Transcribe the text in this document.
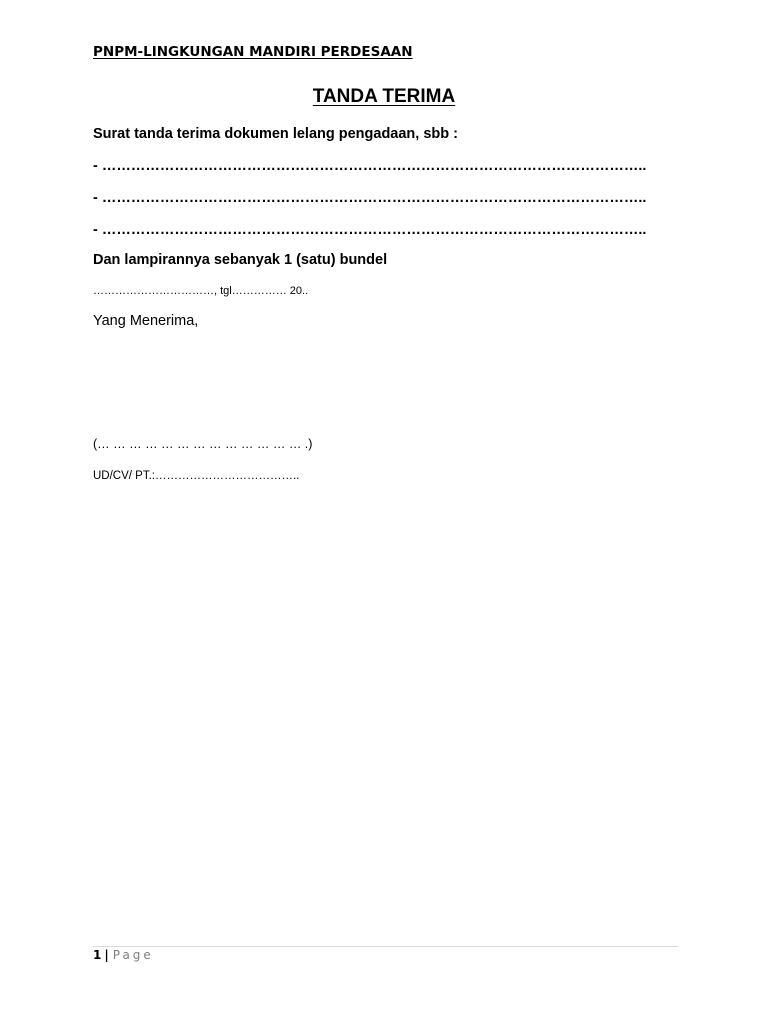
PNPM-LINGKUNGAN MANDIRI PERDESAAN
TANDA TERIMA
Surat tanda terima dokumen lelang pengadaan, sbb :
- …………………………………………………………………………………………………..
- …………………………………………………………………………………………………..
- …………………………………………………………………………………………………..
Dan lampirannya sebanyak 1 (satu) bundel
……………………………, tgl…………… 20..
Yang Menerima,
(… … … … … … … … … … … … … .)
UD/CV/ PT.:………………………………..
1 | Page
